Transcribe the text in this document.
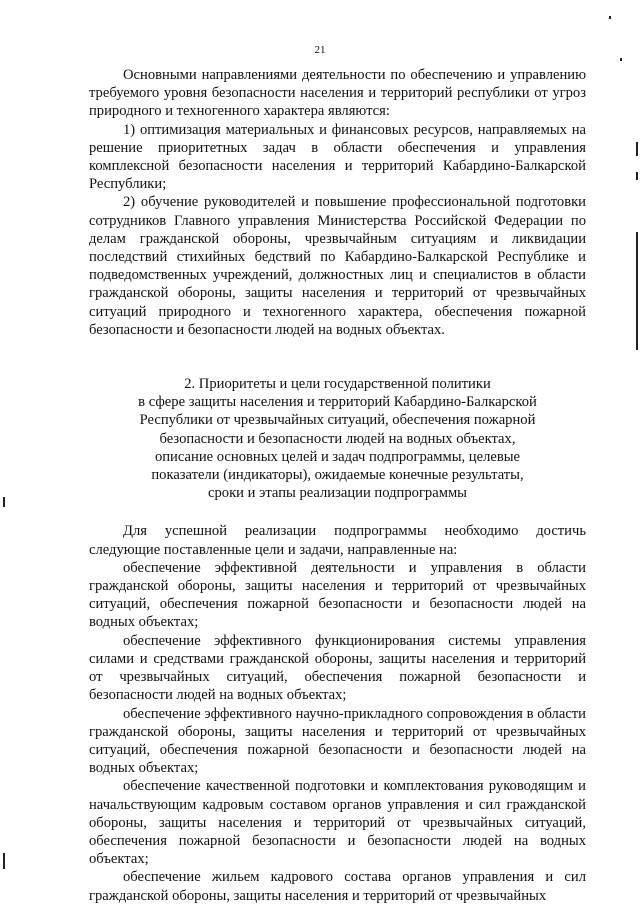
21

Основными направлениями деятельности по обеспечению и управлению требуемого уровня безопасности населения и территорий республики от угроз природного и техногенного характера являются:

1) оптимизация материальных и финансовых ресурсов, направляемых на решение приоритетных задач в области обеспечения и управления комплексной безопасности населения и территорий Кабардино-Балкарской Республики;

2) обучение руководителей и повышение профессиональной подготовки сотрудников Главного управления Министерства Российской Федерации по делам гражданской обороны, чрезвычайным ситуациям и ликвидации последствий стихийных бедствий по Кабардино-Балкарской Республике и подведомственных учреждений, должностных лиц и специалистов в области гражданской обороны, защиты населения и территорий от чрезвычайных ситуаций природного и техногенного характера, обеспечения пожарной безопасности и безопасности людей на водных объектах.

2. Приоритеты и цели государственной политики
в сфере защиты населения и территорий Кабардино-Балкарской
Республики от чрезвычайных ситуаций, обеспечения пожарной
безопасности и безопасности людей на водных объектах,
описание основных целей и задач подпрограммы, целевые
показатели (индикаторы), ожидаемые конечные результаты,
сроки и этапы реализации подпрограммы

Для успешной реализации подпрограммы необходимо достичь следующие поставленные цели и задачи, направленные на:

обеспечение эффективной деятельности и управления в области гражданской обороны, защиты населения и территорий от чрезвычайных ситуаций, обеспечения пожарной безопасности и безопасности людей на водных объектах;

обеспечение эффективного функционирования системы управления силами и средствами гражданской обороны, защиты населения и территорий от чрезвычайных ситуаций, обеспечения пожарной безопасности и безопасности людей на водных объектах;

обеспечение эффективного научно-прикладного сопровождения в области гражданской обороны, защиты населения и территорий от чрезвычайных ситуаций, обеспечения пожарной безопасности и безопасности людей на водных объектах;

обеспечение качественной подготовки и комплектования руководящим и начальствующим кадровым составом органов управления и сил гражданской обороны, защиты населения и территорий от чрезвычайных ситуаций, обеспечения пожарной безопасности и безопасности людей на водных объектах;

обеспечение жильем кадрового состава органов управления и сил гражданской обороны, защиты населения и территорий от чрезвычайных
